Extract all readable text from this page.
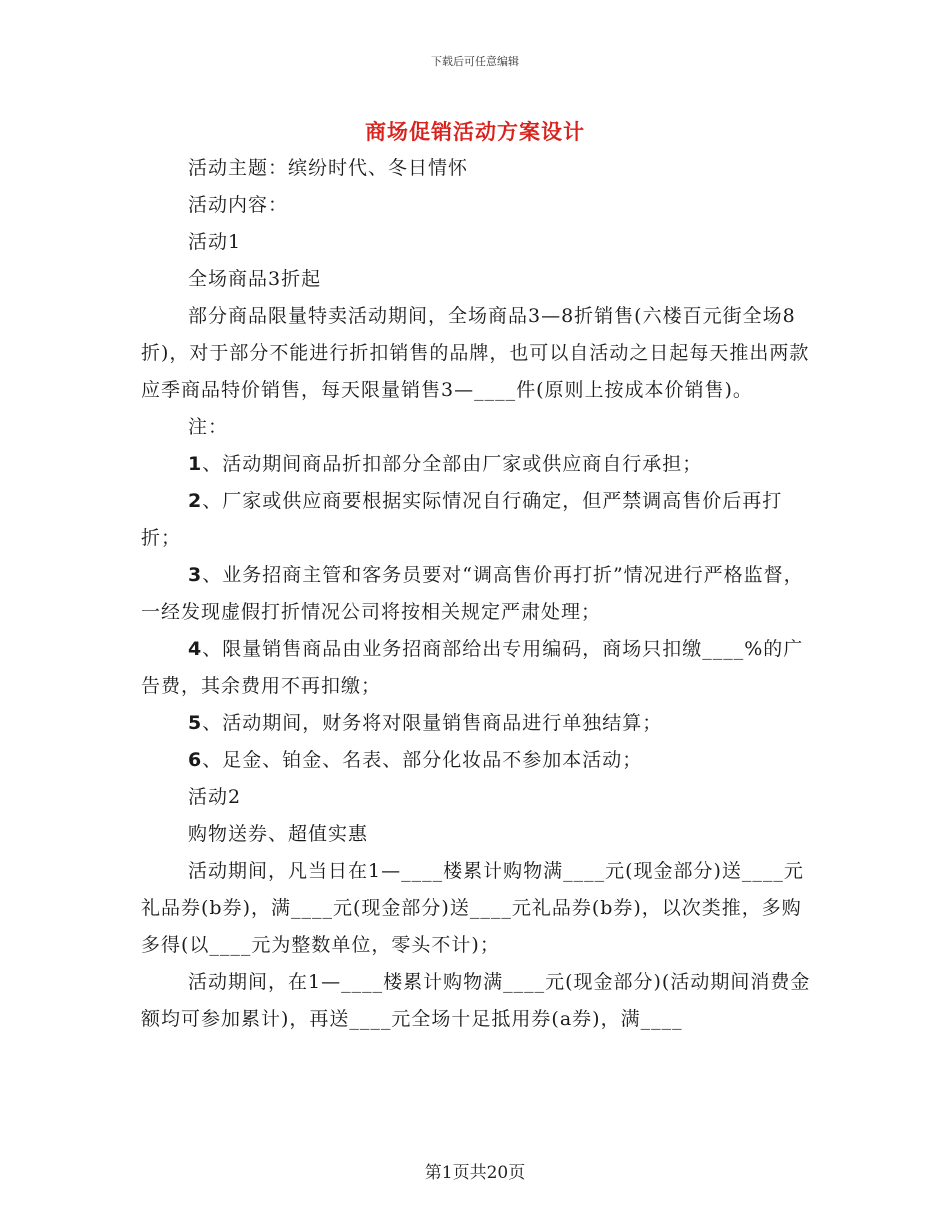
下载后可任意编辑
商场促销活动方案设计

活动主题：缤纷时代、冬日情怀

活动内容：

活动1

全场商品3折起

部分商品限量特卖活动期间，全场商品3—8折销售(六楼百元街全场8折)，对于部分不能进行折扣销售的品牌，也可以自活动之日起每天推出两款应季商品特价销售，每天限量销售3—____件(原则上按成本价销售)。

注：

1、活动期间商品折扣部分全部由厂家或供应商自行承担；

2、厂家或供应商要根据实际情况自行确定，但严禁调高售价后再打折；

3、业务招商主管和客务员要对“调高售价再打折”情况进行严格监督，一经发现虚假打折情况公司将按相关规定严肃处理；

4、限量销售商品由业务招商部给出专用编码，商场只扣缴____%的广告费，其余费用不再扣缴；

5、活动期间，财务将对限量销售商品进行单独结算；

6、足金、铂金、名表、部分化妆品不参加本活动；

活动2

购物送券、超值实惠

活动期间，凡当日在1—____楼累计购物满____元(现金部分)送____元礼品券(b券)，满____元(现金部分)送____元礼品券(b券)，以次类推，多购多得(以____元为整数单位，零头不计)；

活动期间，在1—____楼累计购物满____元(现金部分)(活动期间消费金额均可参加累计)，再送____元全场十足抵用券(a券)，满____

第1页共20页
